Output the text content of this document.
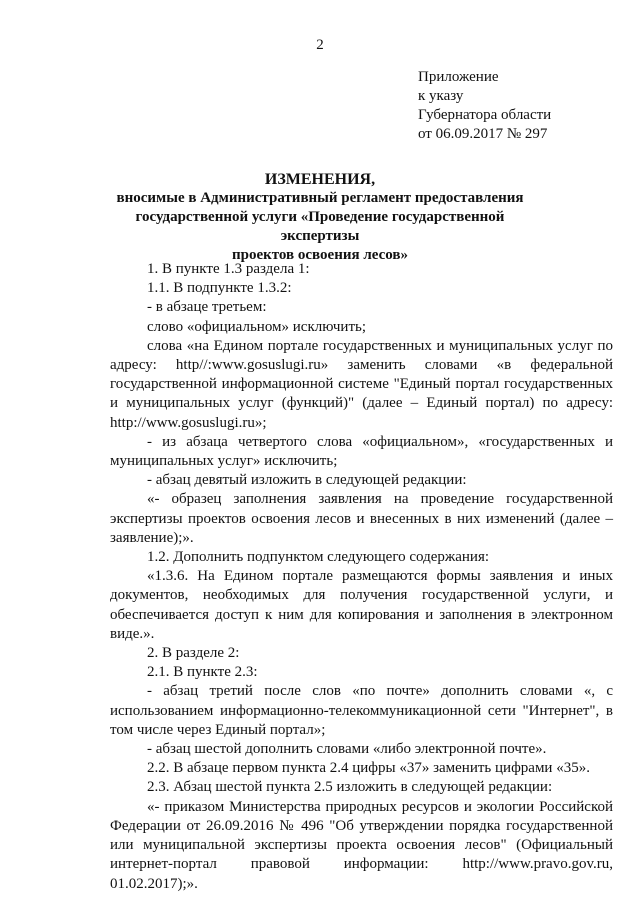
2
Приложение
к указу
Губернатора области
от 06.09.2017 № 297
ИЗМЕНЕНИЯ,
вносимые в Административный регламент предоставления
государственной услуги «Проведение государственной экспертизы
проектов освоения лесов»

1. В пункте 1.3 раздела 1:

1.1. В подпункте 1.3.2:

- в абзаце третьем:

слово «официальном» исключить;

слова «на Едином портале государственных и муниципальных услуг по адресу: http//:www.gosuslugi.ru» заменить словами «в федеральной государственной информационной системе "Единый портал государственных и муниципальных услуг (функций)" (далее – Единый портал) по адресу: http://www.gosuslugi.ru»;

- из абзаца четвертого слова «официальном», «государственных и муниципальных услуг» исключить;

- абзац девятый изложить в следующей редакции:

«- образец заполнения заявления на проведение государственной экспертизы проектов освоения лесов и внесенных в них изменений (далее – заявление);».

1.2. Дополнить подпунктом следующего содержания:

«1.3.6. На Едином портале размещаются формы заявления и иных документов, необходимых для получения государственной услуги, и обеспечивается доступ к ним для копирования и заполнения в электронном виде.».

2. В разделе 2:

2.1. В пункте 2.3:

- абзац третий после слов «по почте» дополнить словами «, с использованием информационно-телекоммуникационной сети "Интернет", в том числе через Единый портал»;

- абзац шестой дополнить словами «либо электронной почте».

2.2. В абзаце первом пункта 2.4 цифры «37» заменить цифрами «35».

2.3. Абзац шестой пункта 2.5 изложить в следующей редакции:

«- приказом Министерства природных ресурсов и экологии Российской Федерации от 26.09.2016 № 496 "Об утверждении порядка государственной или муниципальной экспертизы проекта освоения лесов" (Официальный интернет-портал правовой информации: http://www.pravo.gov.ru, 01.02.2017);».
